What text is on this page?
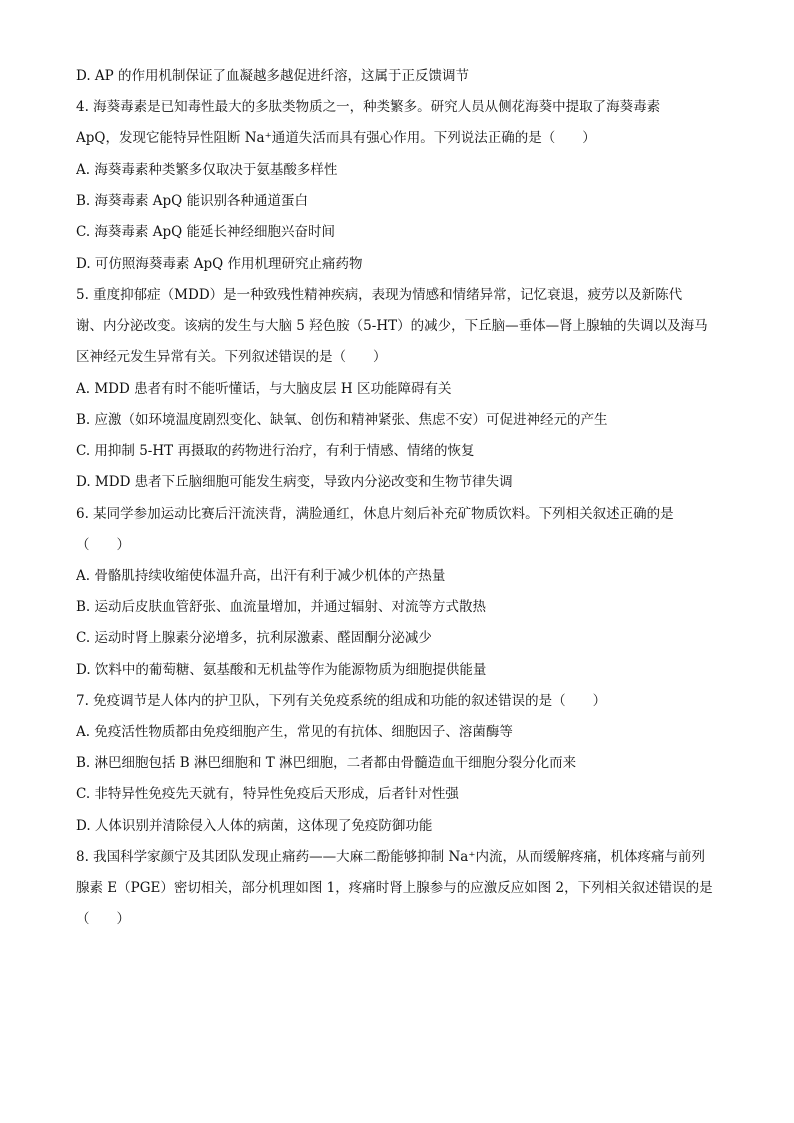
D. AP 的作用机制保证了血凝越多越促进纤溶，这属于正反馈调节
4. 海葵毒素是已知毒性最大的多肽类物质之一，种类繁多。研究人员从侧花海葵中提取了海葵毒素
ApQ，发现它能特异性阻断 Na⁺通道失活而具有强心作用。下列说法正确的是（　　）
A. 海葵毒素种类繁多仅取决于氨基酸多样性
B. 海葵毒素 ApQ 能识别各种通道蛋白
C. 海葵毒素 ApQ 能延长神经细胞兴奋时间
D. 可仿照海葵毒素 ApQ 作用机理研究止痛药物
5. 重度抑郁症（MDD）是一种致残性精神疾病，表现为情感和情绪异常，记忆衰退，疲劳以及新陈代
谢、内分泌改变。该病的发生与大脑 5 羟色胺（5-HT）的减少，下丘脑—垂体—肾上腺轴的失调以及海马
区神经元发生异常有关。下列叙述错误的是（　　）
A. MDD 患者有时不能听懂话，与大脑皮层 H 区功能障碍有关
B. 应激（如环境温度剧烈变化、缺氧、创伤和精神紧张、焦虑不安）可促进神经元的产生
C. 用抑制 5-HT 再摄取的药物进行治疗，有利于情感、情绪的恢复
D. MDD 患者下丘脑细胞可能发生病变，导致内分泌改变和生物节律失调
6. 某同学参加运动比赛后汗流浃背，满脸通红，休息片刻后补充矿物质饮料。下列相关叙述正确的是
（　　）
A. 骨骼肌持续收缩使体温升高，出汗有利于减少机体的产热量
B. 运动后皮肤血管舒张、血流量增加，并通过辐射、对流等方式散热
C. 运动时肾上腺素分泌增多，抗利尿激素、醛固酮分泌减少
D. 饮料中的葡萄糖、氨基酸和无机盐等作为能源物质为细胞提供能量
7. 免疫调节是人体内的护卫队，下列有关免疫系统的组成和功能的叙述错误的是（　　）
A. 免疫活性物质都由免疫细胞产生，常见的有抗体、细胞因子、溶菌酶等
B. 淋巴细胞包括 B 淋巴细胞和 T 淋巴细胞，二者都由骨髓造血干细胞分裂分化而来
C. 非特异性免疫先天就有，特异性免疫后天形成，后者针对性强
D. 人体识别并清除侵入人体的病菌，这体现了免疫防御功能
8. 我国科学家颜宁及其团队发现止痛药——大麻二酚能够抑制 Na⁺内流，从而缓解疼痛，机体疼痛与前列
腺素 E（PGE）密切相关，部分机理如图 1，疼痛时肾上腺参与的应激反应如图 2，下列相关叙述错误的是
（　　）
